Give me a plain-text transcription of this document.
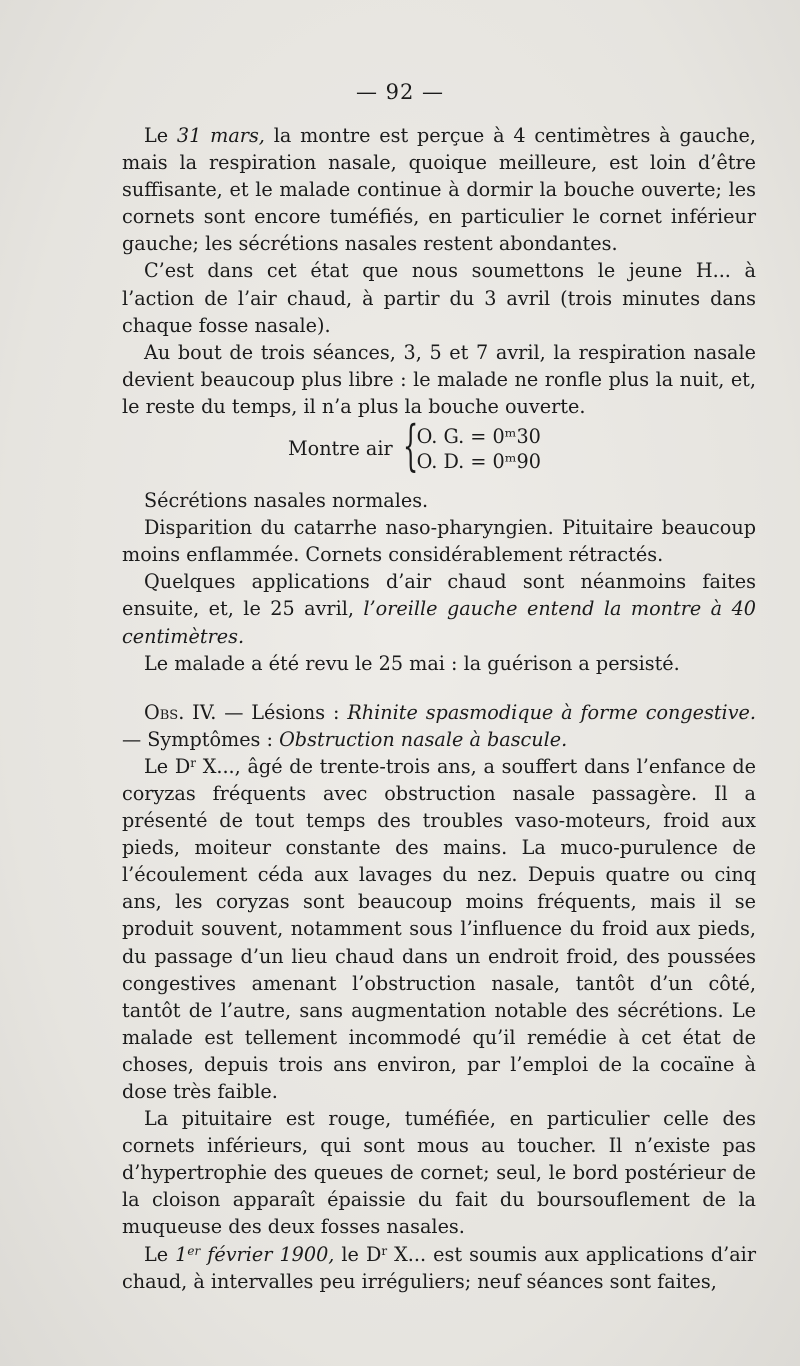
— 92 —

Le 31 mars, la montre est perçue à 4 centimètres à gauche, mais la respiration nasale, quoique meilleure, est loin d’être suffisante, et le malade continue à dormir la bouche ouverte; les cornets sont encore tuméfiés, en particulier le cornet inférieur gauche; les sécrétions nasales restent abondantes.

C’est dans cet état que nous soumettons le jeune H... à l’action de l’air chaud, à partir du 3 avril (trois minutes dans chaque fosse nasale).

Au bout de trois séances, 3, 5 et 7 avril, la respiration nasale devient beaucoup plus libre : le malade ne ronfle plus la nuit, et, le reste du temps, il n’a plus la bouche ouverte.

Montre air {
O. G. = 0ᵐ30
O. D. = 0ᵐ90

Sécrétions nasales normales.

Disparition du catarrhe naso-pharyngien. Pituitaire beaucoup moins enflammée. Cornets considérablement rétractés.

Quelques applications d’air chaud sont néanmoins faites ensuite, et, le 25 avril, l’oreille gauche entend la montre à 40 centimètres.

Le malade a été revu le 25 mai : la guérison a persisté.

Obs. IV. — Lésions : Rhinite spasmodique à forme congestive. — Symptômes : Obstruction nasale à bascule.

Le $D^r$ X..., âgé de trente-trois ans, a souffert dans l’enfance de coryzas fréquents avec obstruction nasale passagère. Il a présenté de tout temps des troubles vaso-moteurs, froid aux pieds, moiteur constante des mains. La muco-purulence de l’écoulement céda aux lavages du nez. Depuis quatre ou cinq ans, les coryzas sont beaucoup moins fréquents, mais il se produit souvent, notamment sous l’influence du froid aux pieds, du passage d’un lieu chaud dans un endroit froid, des poussées congestives amenant l’obstruction nasale, tantôt d’un côté, tantôt de l’autre, sans augmentation notable des sécrétions. Le malade est tellement incommodé qu’il remédie à cet état de choses, depuis trois ans environ, par l’emploi de la cocaïne à dose très faible.

La pituitaire est rouge, tuméfiée, en particulier celle des cornets inférieurs, qui sont mous au toucher. Il n’existe pas d’hypertrophie des queues de cornet; seul, le bord postérieur de la cloison apparaît épaissie du fait du boursouflement de la muqueuse des deux fosses nasales.

Le 1er février 1900, le $D^r$ X... est soumis aux applications d’air chaud, à intervalles peu irréguliers; neuf séances sont faites,
